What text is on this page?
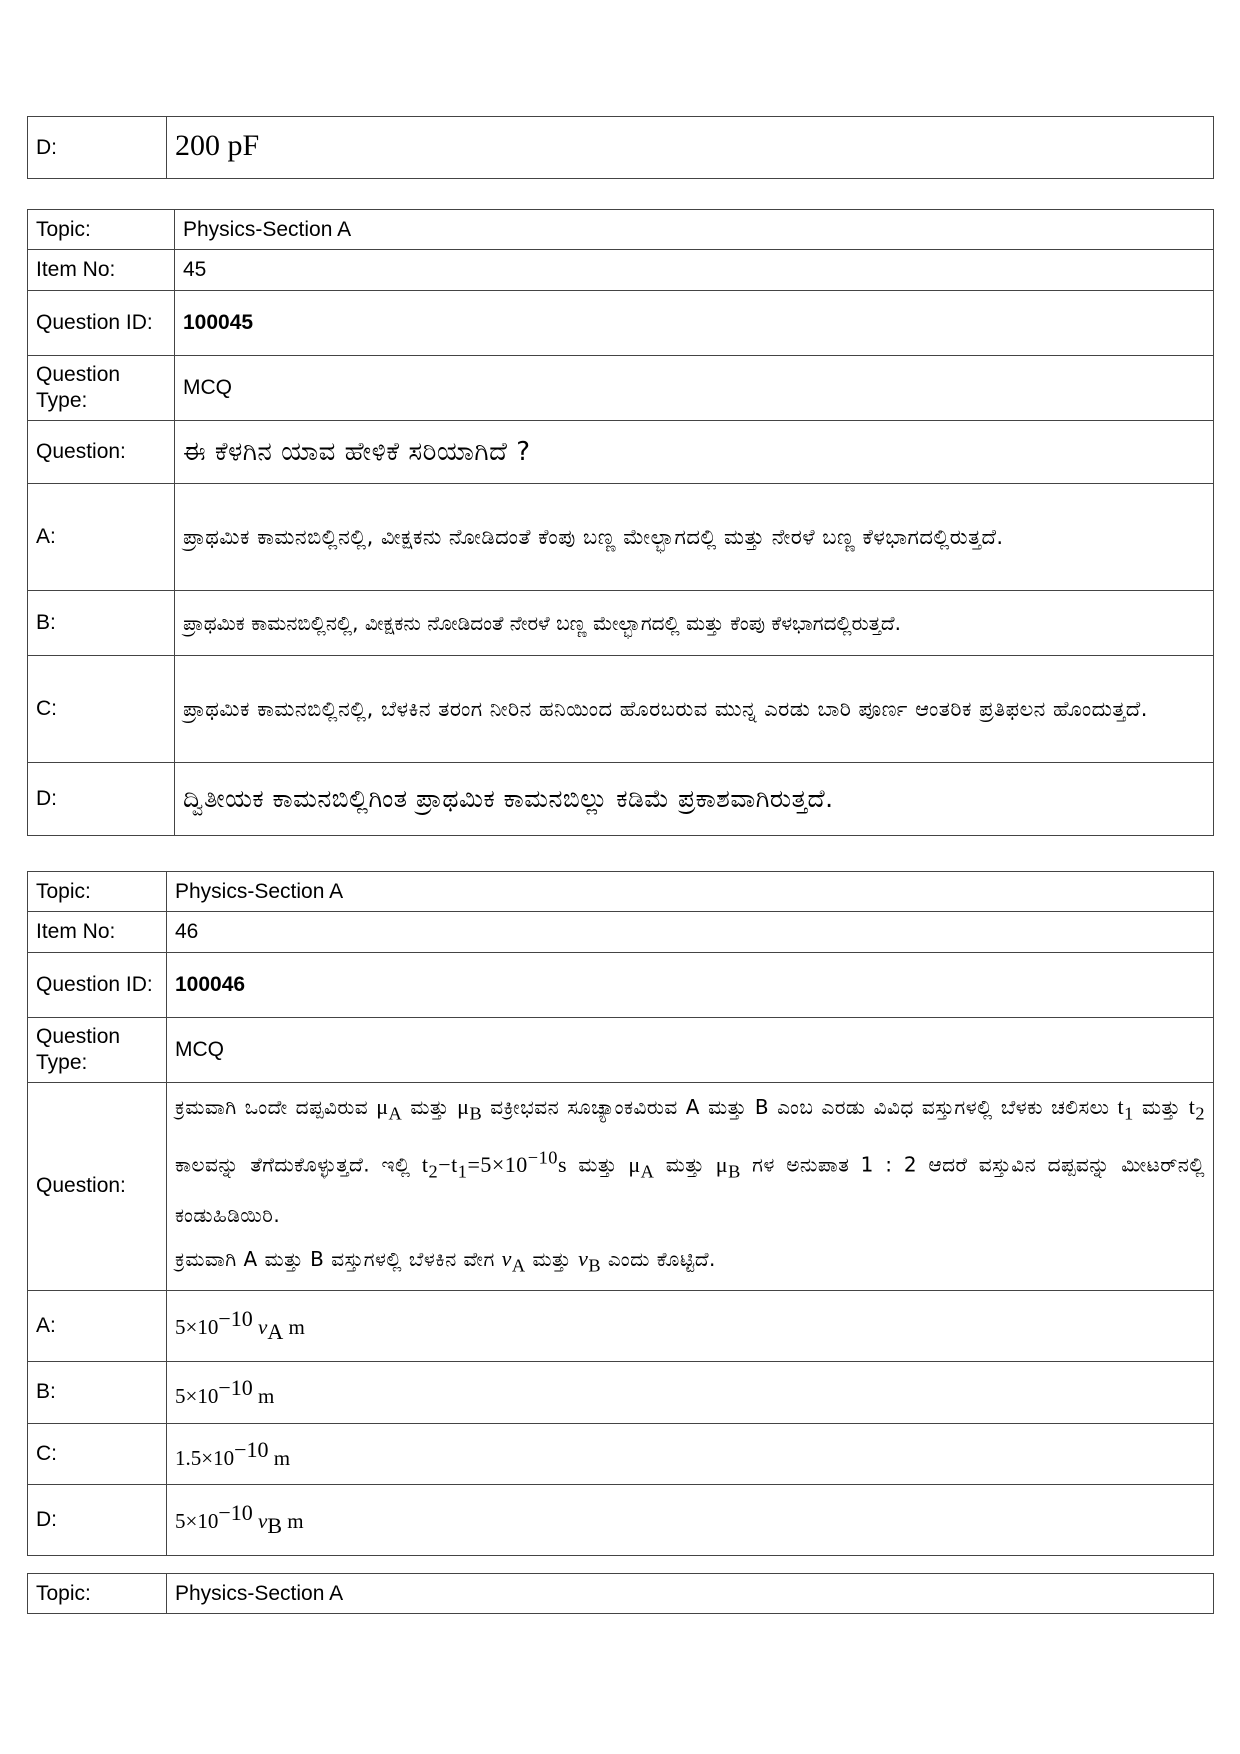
D:	200 pF
Topic:	Physics-Section A
Item No:	45
Question ID:	100045
Question Type:	MCQ
Question:	ಈ ಕೆಳಗಿನ ಯಾವ ಹೇಳಿಕೆ ಸರಿಯಾಗಿದೆ ?
A:	ಪ್ರಾಥಮಿಕ ಕಾಮನಬಿಲ್ಲಿನಲ್ಲಿ, ವೀಕ್ಷಕನು ನೋಡಿದಂತೆ ಕೆಂಪು ಬಣ್ಣ ಮೇಲ್ಭಾಗದಲ್ಲಿ ಮತ್ತು ನೇರಳೆ ಬಣ್ಣ ಕೆಳಭಾಗದಲ್ಲಿರುತ್ತದೆ.
B:	ಪ್ರಾಥಮಿಕ ಕಾಮನಬಿಲ್ಲಿನಲ್ಲಿ, ವೀಕ್ಷಕನು ನೋಡಿದಂತೆ ನೇರಳೆ ಬಣ್ಣ ಮೇಲ್ಭಾಗದಲ್ಲಿ ಮತ್ತು ಕೆಂಪು ಕೆಳಭಾಗದಲ್ಲಿರುತ್ತದೆ.
C:	ಪ್ರಾಥಮಿಕ ಕಾಮನಬಿಲ್ಲಿನಲ್ಲಿ, ಬೆಳಕಿನ ತರಂಗ ನೀರಿನ ಹನಿಯಿಂದ ಹೊರಬರುವ ಮುನ್ನ ಎರಡು ಬಾರಿ ಪೂರ್ಣ ಆಂತರಿಕ ಪ್ರತಿಫಲನ ಹೊಂದುತ್ತದೆ.
D:	ದ್ವಿತೀಯಕ ಕಾಮನಬಿಲ್ಲಿಗಿಂತ ಪ್ರಾಥಮಿಕ ಕಾಮನಬಿಲ್ಲು ಕಡಿಮೆ ಪ್ರಕಾಶವಾಗಿರುತ್ತದೆ.
Topic:	Physics-Section A
Item No:	46
Question ID:	100046
Question Type:	MCQ
Question:	ಕ್ರಮವಾಗಿ ಒಂದೇ ದಪ್ಪವಿರುವ $\mu_A$ ಮತ್ತು $\mu_B$ ವಕ್ರೀಭವನ ಸೂಚ್ಯಾಂಕವಿರುವ A ಮತ್ತು B ಎಂಬ ಎರಡು ವಿವಿಧ ವಸ್ತುಗಳಲ್ಲಿ ಬೆಳಕು ಚಲಿಸಲು $t_1$ ಮತ್ತು $t_2$ ಕಾಲವನ್ನು ತೆಗೆದುಕೊಳ್ಳುತ್ತದೆ. ಇಲ್ಲಿ $t_2-t_1=5\times 10^{-10}s$ ಮತ್ತು $\mu_A$ ಮತ್ತು $\mu_B$ ಗಳ ಅನುಪಾತ 1 : 2 ಆದರೆ ವಸ್ತುವಿನ ದಪ್ಪವನ್ನು ಮೀಟರ್‌ನಲ್ಲಿ ಕಂಡುಹಿಡಿಯಿರಿ.
ಕ್ರಮವಾಗಿ A ಮತ್ತು B ವಸ್ತುಗಳಲ್ಲಿ ಬೆಳಕಿನ ವೇಗ $v_A$ ಮತ್ತು $v_B$ ಎಂದು ಕೊಟ್ಟಿದೆ.
A:	$5\times 10^{-10}$ $v_A$ m
B:	$5\times 10^{-10}$ m
C:	$1.5\times 10^{-10}$ m
D:	$5\times 10^{-10}$ $v_B$ m
Topic:	Physics-Section A
